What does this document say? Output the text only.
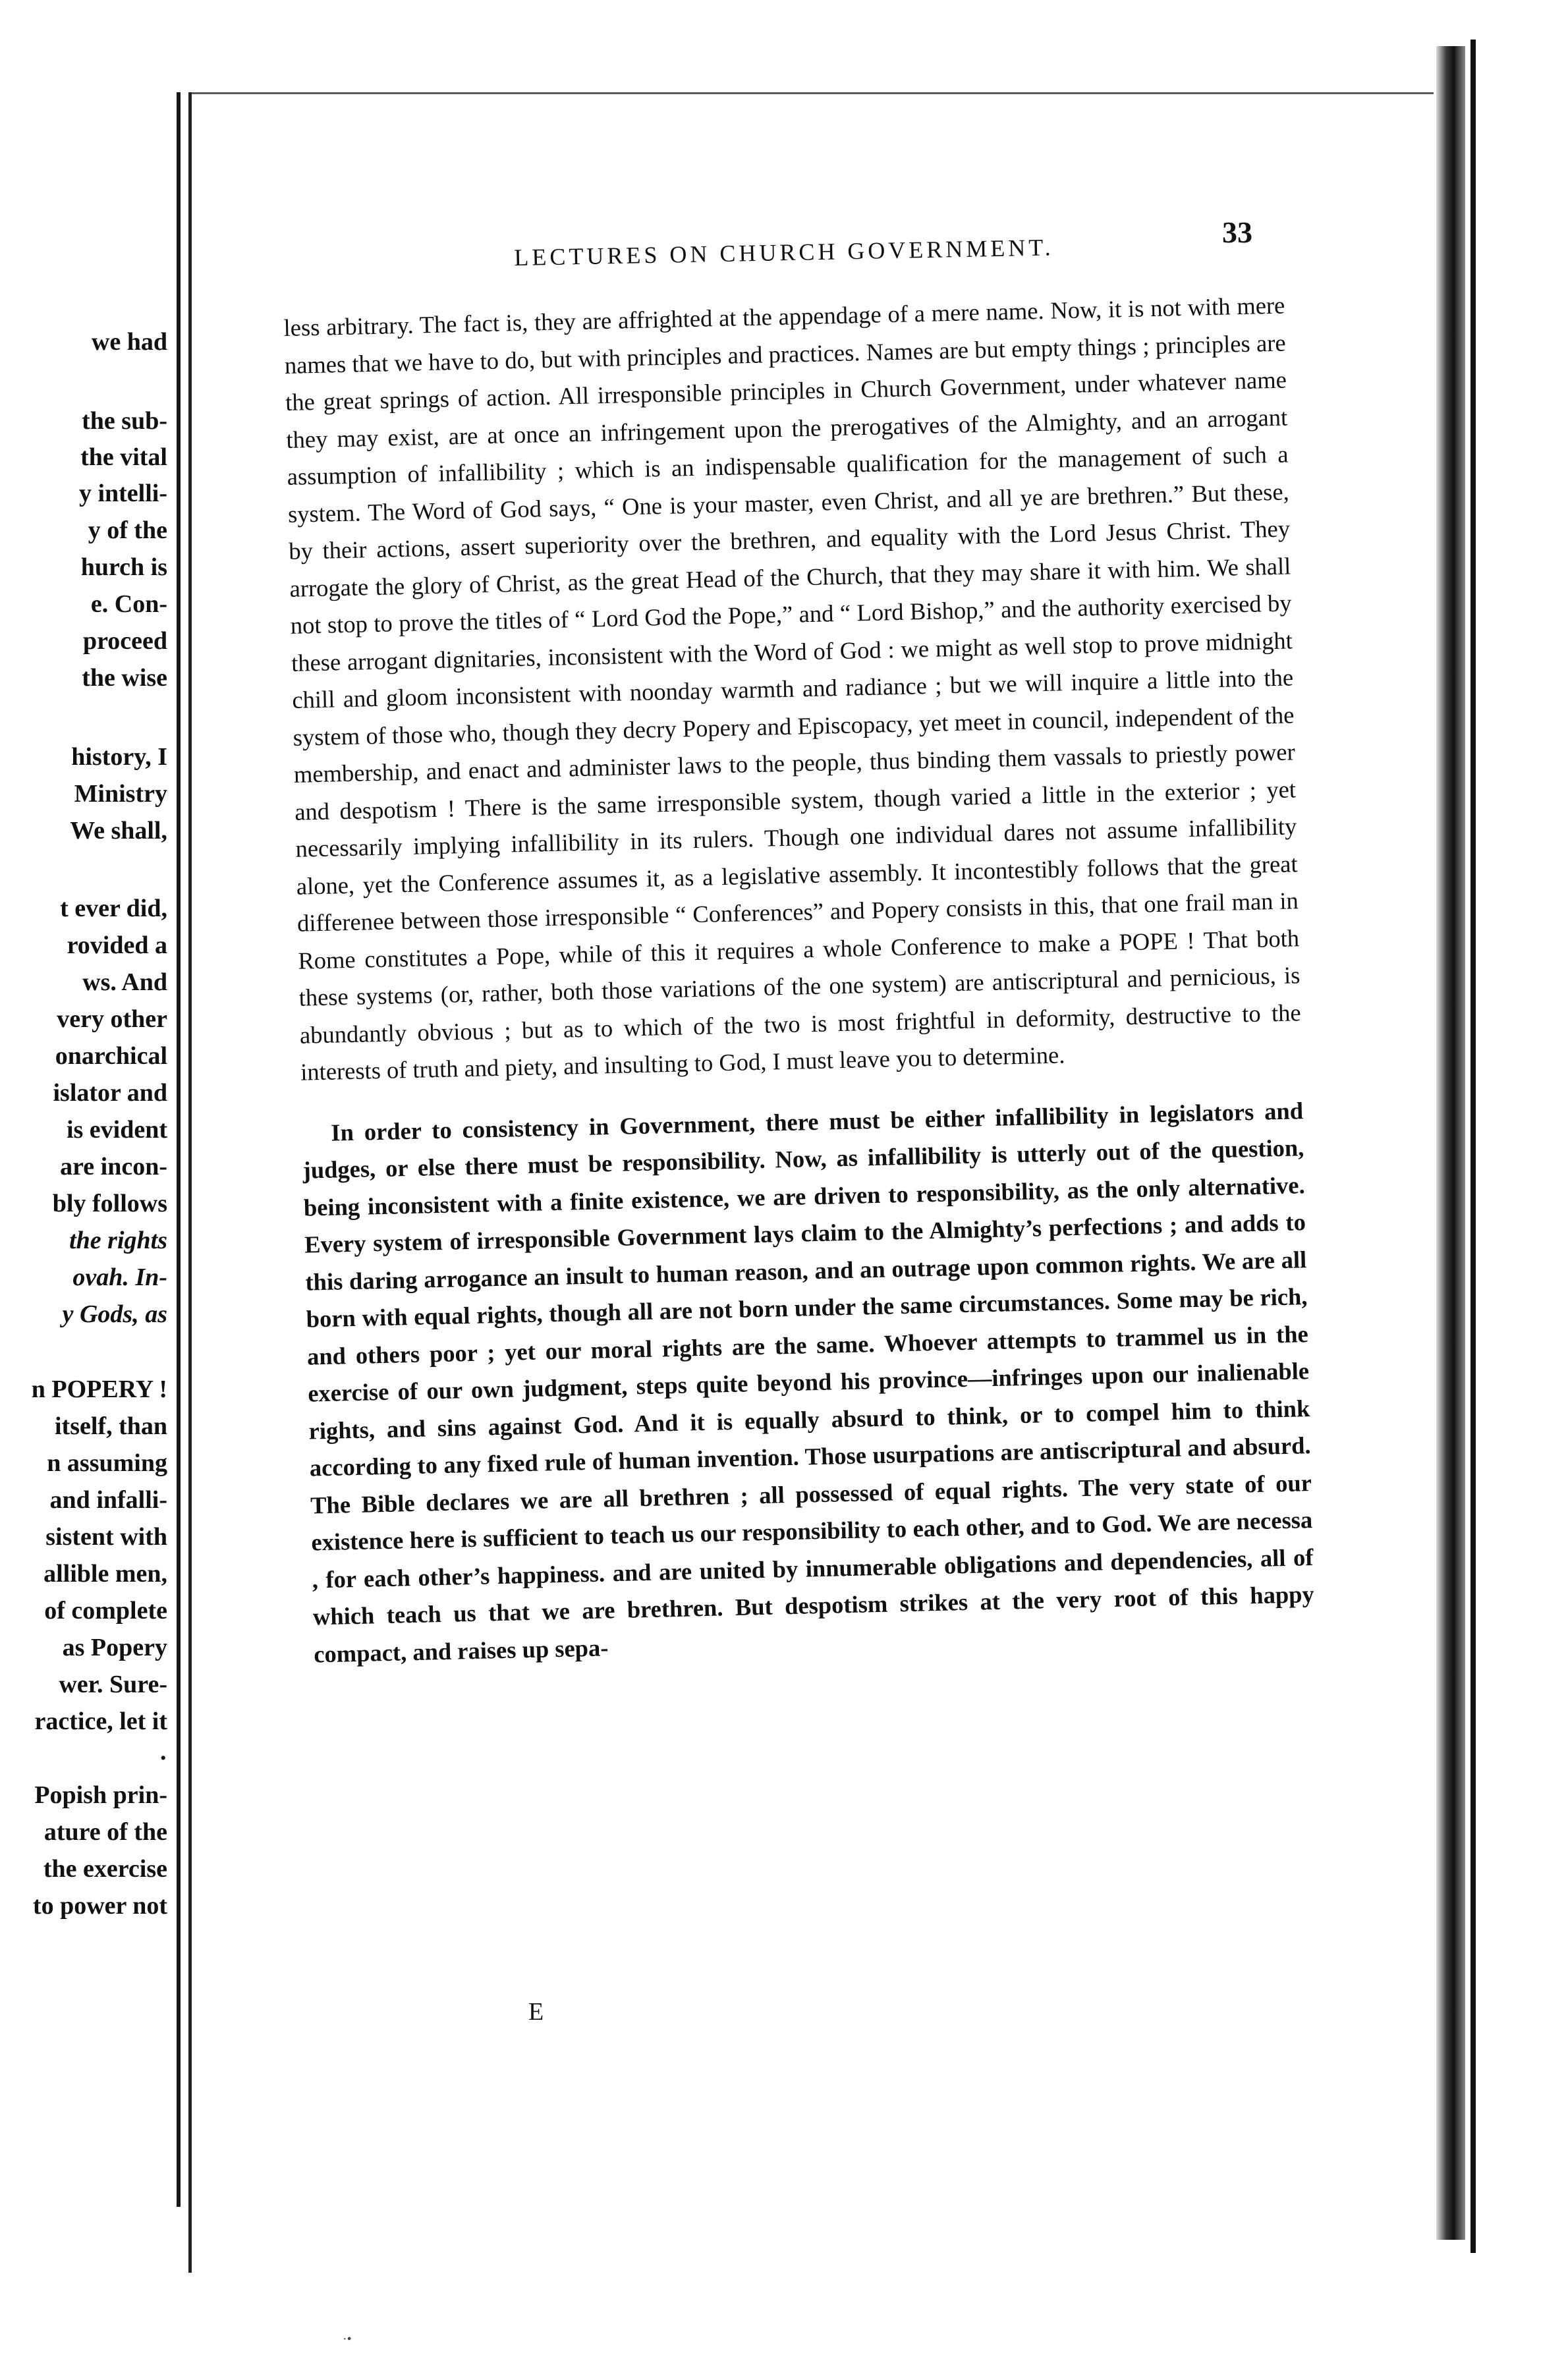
we had
the sub-
the vital
y intelli-
y of the
hurch is
e. Con-
proceed
the wise
history, I
Ministry
We shall,
t ever did,
rovided a
ws. And
very other
onarchical
islator and
is evident
are incon-
bly follows
the rights
ovah. In-
y Gods, as
n POPERY !
itself, than
n assuming
and infalli-
sistent with
allible men,
of complete
as Popery
wer. Sure-
ractice, let it
·
Popish prin-
ature of the
the exercise
to power not
LECTURES ON CHURCH GOVERNMENT.
33

less arbitrary. The fact is, they are affrighted at the appendage of a mere name. Now, it is not with mere names that we have to do, but with principles and practices. Names are but empty things ; principles are the great springs of action. All irresponsible principles in Church Government, under whatever name they may exist, are at once an infringement upon the prerogatives of the Almighty, and an arrogant assumption of infallibility ; which is an indispensable qualification for the management of such a system. The Word of God says, “ One is your master, even Christ, and all ye are brethren.” But these, by their actions, assert superiority over the brethren, and equality with the Lord Jesus Christ. They arrogate the glory of Christ, as the great Head of the Church, that they may share it with him. We shall not stop to prove the titles of “ Lord God the Pope,” and “ Lord Bishop,” and the authority exercised by these arrogant dignitaries, inconsistent with the Word of God : we might as well stop to prove midnight chill and gloom inconsistent with noonday warmth and radiance ; but we will inquire a little into the system of those who, though they decry Popery and Episcopacy, yet meet in council, independent of the membership, and enact and administer laws to the people, thus binding them vassals to priestly power and despotism ! There is the same irresponsible system, though varied a little in the exterior ; yet necessarily implying infallibility in its rulers. Though one individual dares not assume infallibility alone, yet the Conference assumes it, as a legislative assembly. It incontestibly follows that the great differenee between those irresponsible “ Conferences” and Popery consists in this, that one frail man in Rome constitutes a Pope, while of this it requires a whole Conference to make a POPE ! That both these systems (or, rather, both those variations of the one system) are antiscriptural and pernicious, is abundantly obvious ; but as to which of the two is most frightful in deformity, destructive to the interests of truth and piety, and insulting to God, I must leave you to determine.

In order to consistency in Government, there must be either infallibility in legislators and judges, or else there must be responsibility. Now, as infallibility is utterly out of the question, being inconsistent with a finite existence, we are driven to responsibility, as the only alternative. Every system of irresponsible Government lays claim to the Almighty’s perfections ; and adds to this daring arrogance an insult to human reason, and an outrage upon common rights. We are all born with equal rights, though all are not born under the same circumstances. Some may be rich, and others poor ; yet our moral rights are the same. Whoever attempts to trammel us in the exercise of our own judgment, steps quite beyond his province—infringes upon our inalienable rights, and sins against God. And it is equally absurd to think, or to compel him to think according to any fixed rule of human invention. Those usurpations are antiscriptural and absurd. The Bible declares we are all brethren ; all possessed of equal rights. The very state of our existence here is sufficient to teach us our responsibility to each other, and to God. We are necessa , for each other’s happiness. and are united by innumerable obligations and dependencies, all of which teach us that we are brethren. But despotism strikes at the very root of this happy compact, and raises up sepa-

E
·•
